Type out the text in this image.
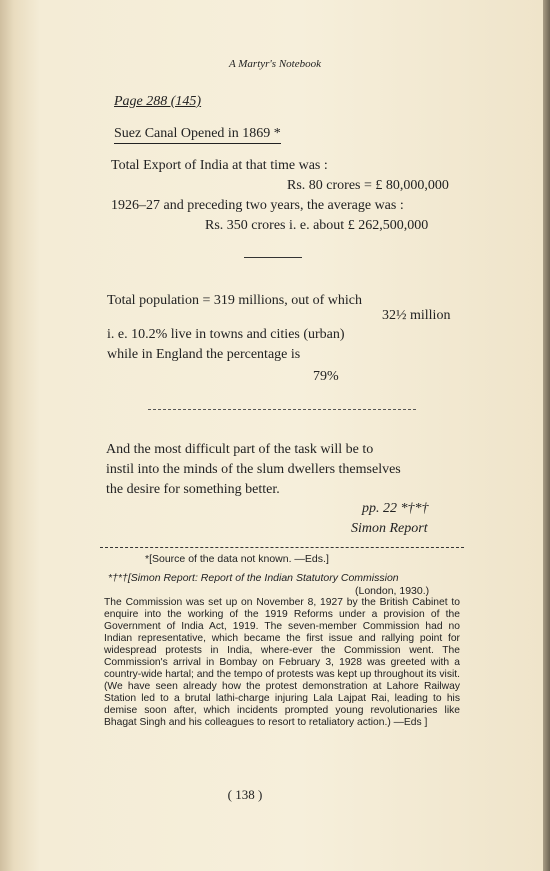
A Martyr's Notebook
Page 288 (145)
Suez Canal Opened in 1869 *
Total Export of India at that time was :
Rs. 80 crores = £ 80,000,000
1926–27 and preceding two years, the average was :
Rs. 350 crores i. e. about £ 262,500,000
Total population = 319 millions, out of which
32½ million
i. e. 10.2% live in towns and cities (urban)
while in England the percentage is
79%
And the most difficult part of the task will be to
instil into the minds of the slum dwellers themselves
the desire for something better.
pp. 22 *†*†
Simon Report
*[Source of the data not known. —Eds.]
*†*†[Simon Report: Report of the Indian Statutory Commission
(London, 1930.)
The Commission was set up on November 8, 1927 by the British Cabinet to enquire into the working of the 1919 Reforms under a provision of the Government of India Act, 1919. The seven-member Commission had no Indian representative, which became the first issue and rallying point for widespread protests in India, where-ever the Commission went. The Commission's arrival in Bombay on February 3, 1928 was greeted with a country-wide hartal; and the tempo of protests was kept up throughout its visit. (We have seen already how the protest demonstration at Lahore Railway Station led to a brutal lathi-charge injuring Lala Lajpat Rai, leading to his demise soon after, which incidents prompted young revolutionaries like Bhagat Singh and his colleagues to resort to retaliatory action.) —Eds ]
( 138 )
